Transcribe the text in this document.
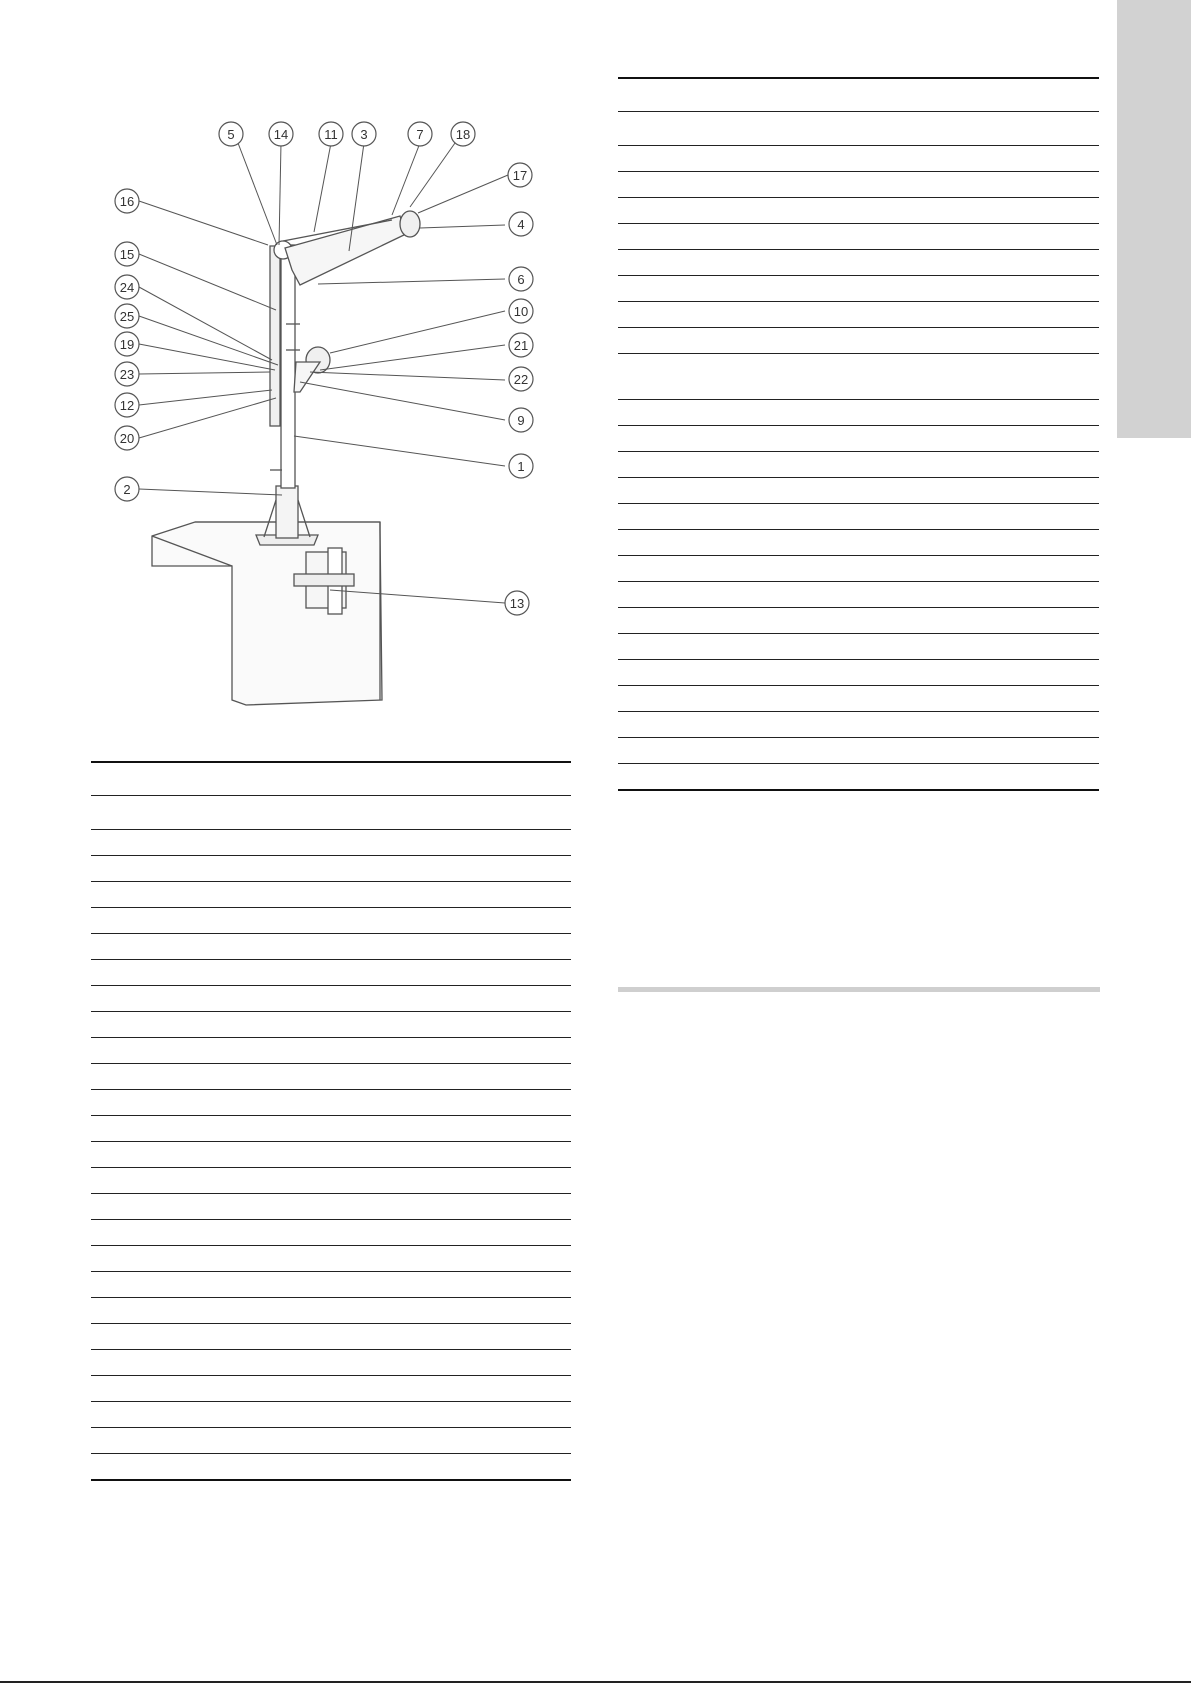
5	14	11 3	7 18
17
16
4
15
6
24
10
25
21
19
23	22
12
9
20
1
2
13
